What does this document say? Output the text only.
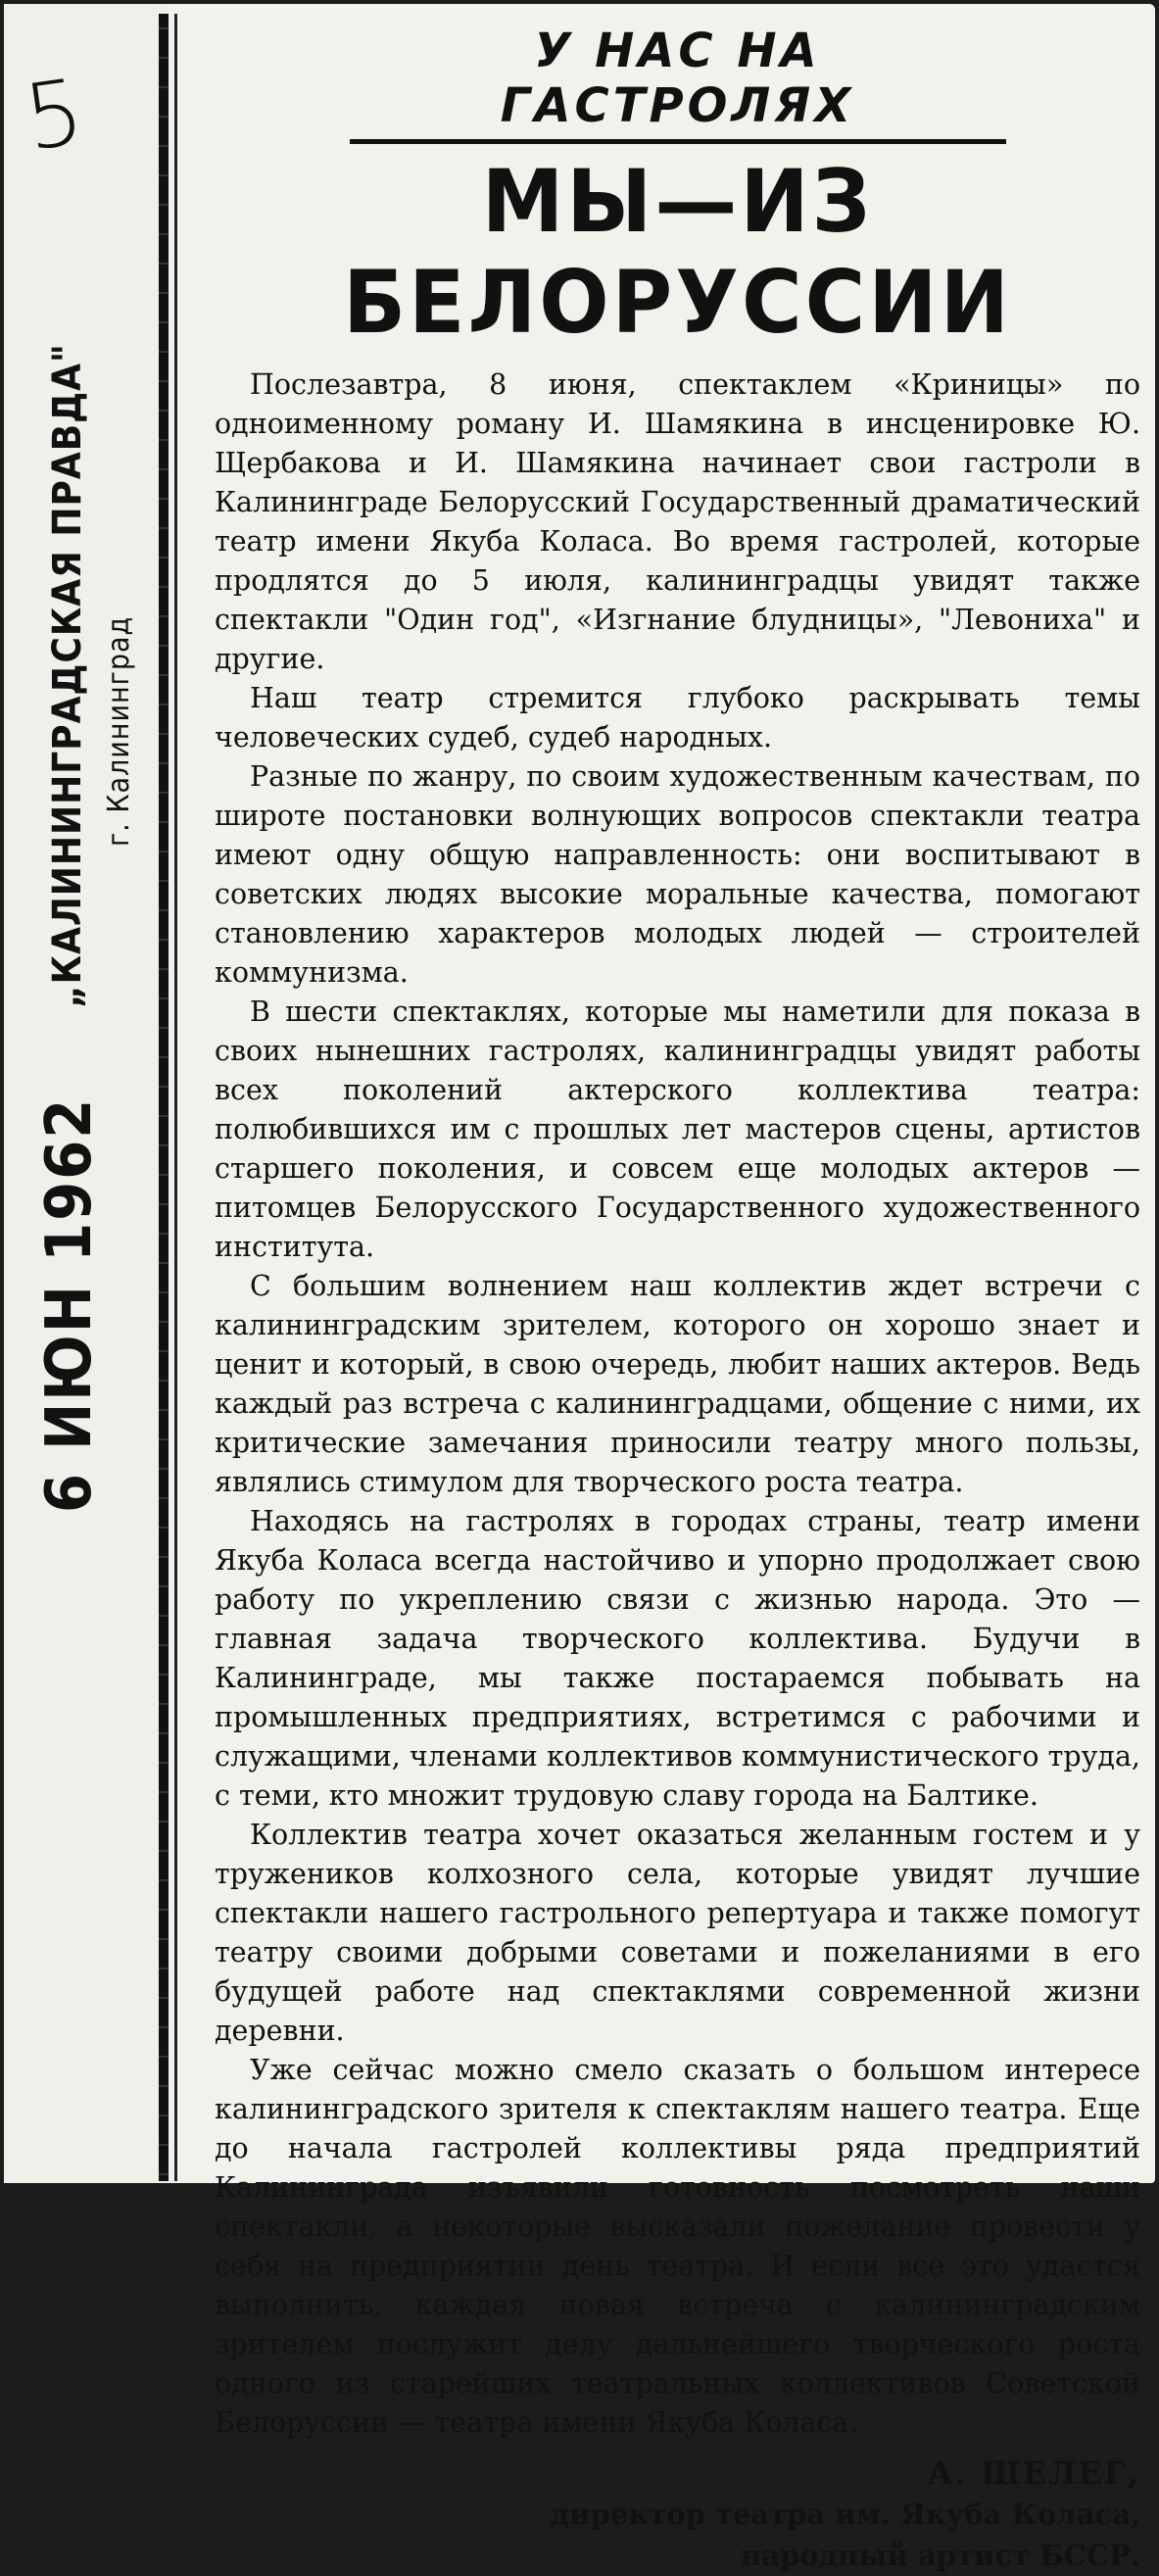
5
„КАЛИНИНГРАДСКАЯ ПРАВДА" г. Калининград
6 ИЮН 1962
У НАС НА ГАСТРОЛЯХ
МЫ—ИЗ БЕЛОРУССИИ

Послезавтра, 8 июня, спектаклем «Криницы» по одноименному роману И. Шамякина в инсценировке Ю. Щербакова и И. Шамякина начинает свои гастроли в Калининграде Белорусский Государственный драматический театр имени Якуба Коласа. Во время гастролей, которые продлятся до 5 июля, калининградцы увидят также спектакли "Один год", «Изгнание блудницы», "Левониха" и другие.

Наш театр стремится глубоко раскрывать темы человеческих судеб, судеб народных.

Разные по жанру, по своим художественным качествам, по широте постановки волнующих вопросов спектакли театра имеют одну общую направленность: они воспитывают в советских людях высокие моральные качества, помогают становлению характеров молодых людей — строителей коммунизма.

В шести спектаклях, которые мы наметили для показа в своих нынешних гастролях, калининградцы увидят работы всех поколений актерского коллектива театра: полюбившихся им с прошлых лет мастеров сцены, артистов старшего поколения, и совсем еще молодых актеров — питомцев Белорусского Государственного художественного института.

С большим волнением наш коллектив ждет встречи с калининградским зрителем, которого он хорошо знает и ценит и который, в свою очередь, любит наших актеров. Ведь каждый раз встреча с калининградцами, общение с ними, их критические замечания приносили театру много пользы, являлись стимулом для творческого роста театра.

Находясь на гастролях в городах страны, театр имени Якуба Коласа всегда настойчиво и упорно продолжает свою работу по укреплению связи с жизнью народа. Это — главная задача творческого коллектива. Будучи в Калининграде, мы также постараемся побывать на промышленных предприятиях, встретимся с рабочими и служащими, членами коллективов коммунистического труда, с теми, кто множит трудовую славу города на Балтике.

Коллектив театра хочет оказаться желанным гостем и у тружеников колхозного села, которые увидят лучшие спектакли нашего гастрольного репертуара и также помогут театру своими добрыми советами и пожеланиями в его будущей работе над спектаклями современной жизни деревни.

Уже сейчас можно смело сказать о большом интересе калининградского зрителя к спектаклям нашего театра. Еще до начала гастролей коллективы ряда предприятий Калининграда изъявили готовность посмотреть наши спектакли, а некоторые высказали пожелание провести у себя на предприятии день театра. И если все это удастся выполнить, каждая новая встреча с калининградским зрителем послужит делу дальнейшего творческого роста одного из старейших театральных коллективов Советской Белоруссии — театра имени Якуба Коласа.

А. ШЕЛЕГ,
директор театра им. Якуба Коласа,
народный артист БССР.
